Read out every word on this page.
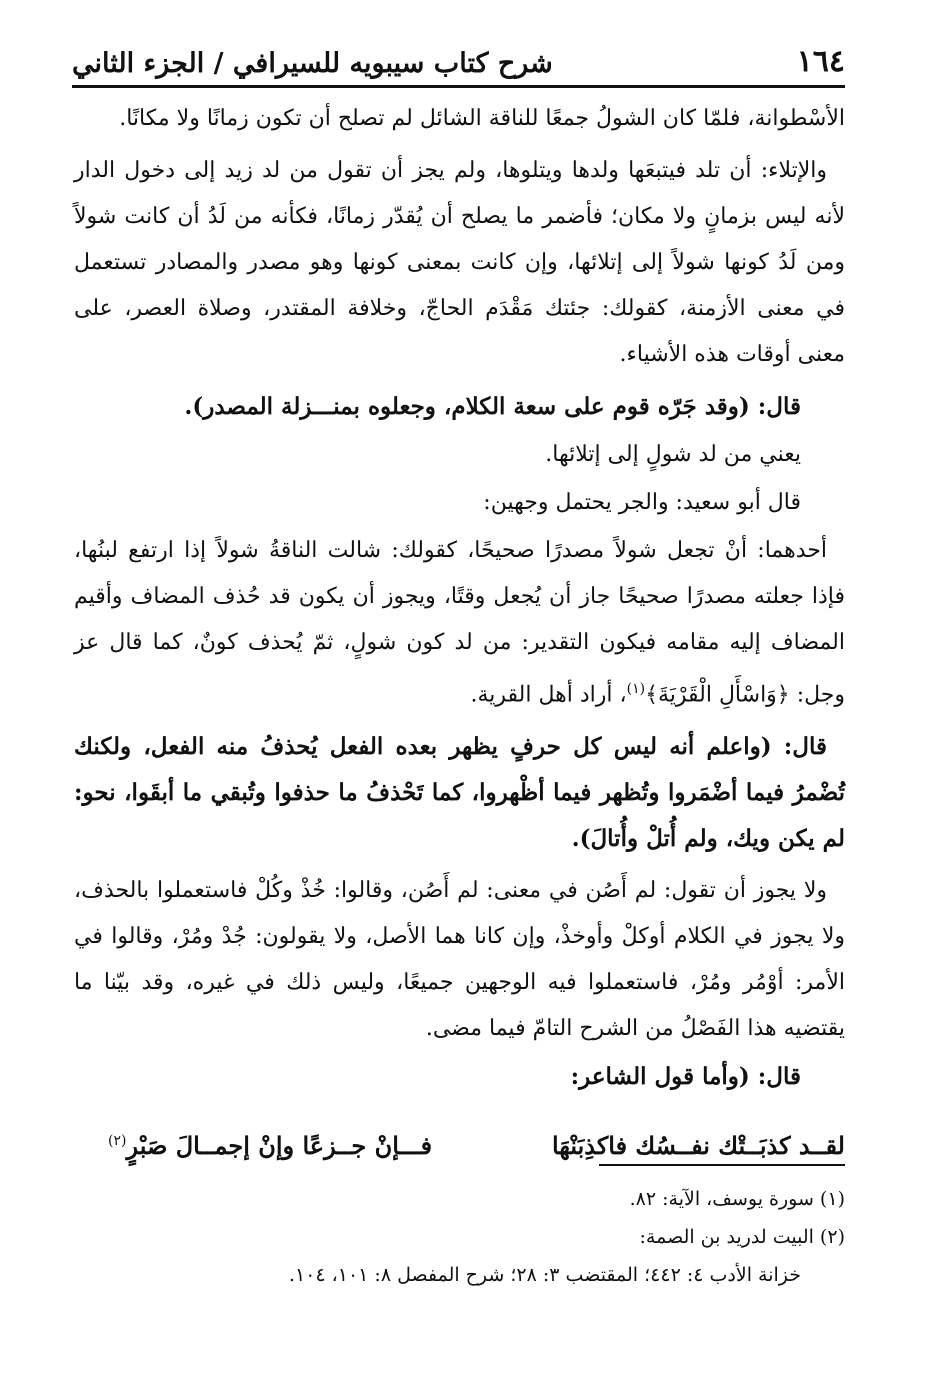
١٦٤
شرح كتاب سيبويه للسيرافي / الجزء الثاني

الأسْطوانة، فلمّا كان الشولُ جمعًا للناقة الشائل لم تصلح أن تكون زمانًا ولا مكانًا.

والإتلاء: أن تلد فيتبعَها ولدها ويتلوها، ولم يجز أن تقول من لد زيد إلى دخول الدار لأنه ليس بزمانٍ ولا مكان؛ فأضمر ما يصلح أن يُقدّر زمانًا، فكأنه من لَدُ أن كانت شولاً ومن لَدُ كونها شولاً إلى إتلائها، وإن كانت بمعنى كونها وهو مصدر والمصادر تستعمل في معنى الأزمنة، كقولك: جئتك مَقْدَم الحاجّ، وخلافة المقتدر، وصلاة العصر، على معنى أوقات هذه الأشياء.

قال: (وقد جَرّه قوم على سعة الكلام، وجعلوه بمنـــزلة المصدر).

يعني من لد شولٍ إلى إتلائها.

قال أبو سعيد: والجر يحتمل وجهين:

أحدهما: أنْ تجعل شولاً مصدرًا صحيحًا، كقولك: شالت الناقةُ شولاً إذا ارتفع لبنُها، فإذا جعلته مصدرًا صحيحًا جاز أن يُجعل وقتًا، ويجوز أن يكون قد حُذف المضاف وأقيم المضاف إليه مقامه فيكون التقدير: من لد كون شولٍ، ثمّ يُحذف كونٌ، كما قال عز وجل: ﴿وَاسْأَلِ الْقَرْيَةَ﴾$^{(١)}$، أراد أهل القرية.

قال: (واعلم أنه ليس كل حرفٍ يظهر بعده الفعل يُحذفُ منه الفعل، ولكنك تُضْمرُ فيما أضْمَروا وتُظهر فيما أظْهروا، كما تَحْذفُ ما حذفوا وتُبقي ما أبقَوا، نحو: لم يكن ويك، ولم أُتلْ وأُتالَ).

ولا يجوز أن تقول: لم أَصُن في معنى: لم أَصُن، وقالوا: خُذْ وكُلْ فاستعملوا بالحذف، ولا يجوز في الكلام أوكلْ وأوخذْ، وإن كانا هما الأصل، ولا يقولون: جُدْ ومُرْ، وقالوا في الأمر: أوْمُر ومُرْ، فاستعملوا فيه الوجهين جميعًا، وليس ذلك في غيره، وقد بيّنا ما يقتضيه هذا الفَصْلُ من الشرح التامّ فيما مضى.

قال: (وأما قول الشاعر:

لقــد كذبَــتْك نفــسُك فاكذِبَنْهَا
فـــإنْ جــزعًا وإنْ إجمــالَ صَبْرٍ$^{(٢)}$
(١) سورة يوسف، الآية: ٨٢.
(٢) البيت لدريد بن الصمة:
خزانة الأدب ٤: ٤٤٢؛ المقتضب ٣: ٢٨؛ شرح المفصل ٨: ١٠١، ١٠٤.
